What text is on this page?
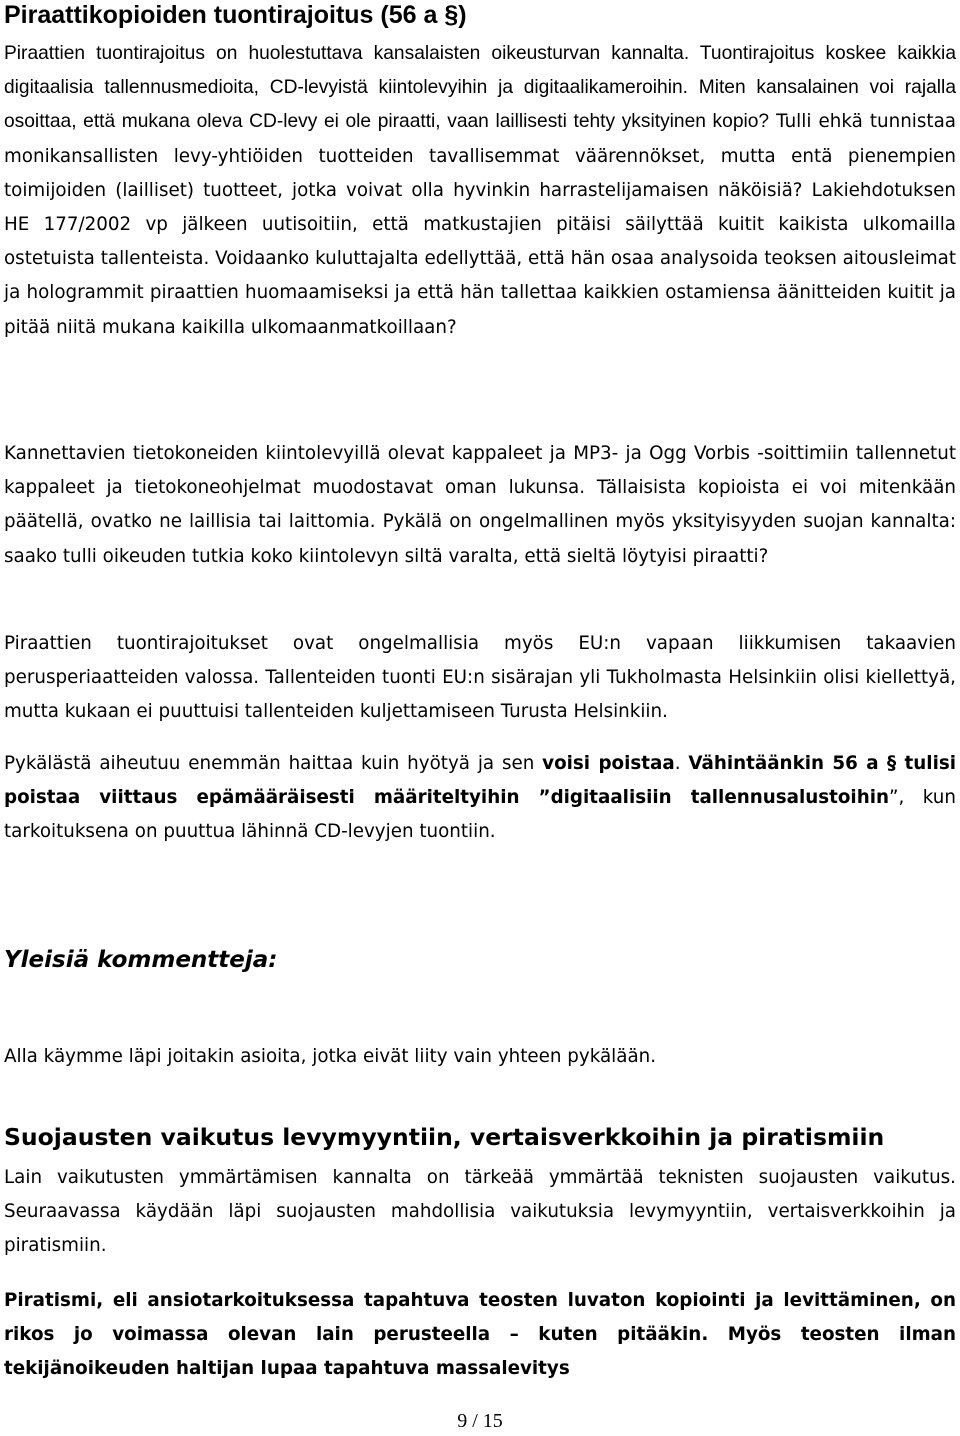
Piraattikopioiden tuontirajoitus (56 a §)

Piraattien tuontirajoitus on huolestuttava kansalaisten oikeusturvan kannalta. Tuontirajoitus koskee kaikkia digitaalisia tallennusmedioita, CD-levyistä kiintolevyihin ja digitaalikameroihin. Miten kansalainen voi rajalla osoittaa, että mukana oleva CD-levy ei ole piraatti, vaan laillisesti tehty yksityinen kopio? Tulli ehkä tunnistaa monikansallisten levy-yhtiöiden tuotteiden tavallisemmat väärennökset, mutta entä pienempien toimijoiden (lailliset) tuotteet, jotka voivat olla hyvinkin harrastelijamaisen näköisiä? Lakiehdotuksen HE 177/2002 vp jälkeen uutisoitiin, että matkustajien pitäisi säilyttää kuitit kaikista ulkomailla ostetuista tallenteista. Voidaanko kuluttajalta edellyttää, että hän osaa analysoida teoksen aitousleimat ja hologrammit piraattien huomaamiseksi ja että hän tallettaa kaikkien ostamiensa äänitteiden kuitit ja pitää niitä mukana kaikilla ulkomaanmatkoillaan?

Kannettavien tietokoneiden kiintolevyillä olevat kappaleet ja MP3- ja Ogg Vorbis -soittimiin tallennetut kappaleet ja tietokoneohjelmat muodostavat oman lukunsa. Tällaisista kopioista ei voi mitenkään päätellä, ovatko ne laillisia tai laittomia. Pykälä on ongelmallinen myös yksityisyyden suojan kannalta: saako tulli oikeuden tutkia koko kiintolevyn siltä varalta, että sieltä löytyisi piraatti?

Piraattien tuontirajoitukset ovat ongelmallisia myös EU:n vapaan liikkumisen takaavien perusperiaatteiden valossa. Tallenteiden tuonti EU:n sisärajan yli Tukholmasta Helsinkiin olisi kiellettyä, mutta kukaan ei puuttuisi tallenteiden kuljettamiseen Turusta Helsinkiin.

Pykälästä aiheutuu enemmän haittaa kuin hyötyä ja sen voisi poistaa. Vähintäänkin 56 a § tulisi poistaa viittaus epämääräisesti määriteltyihin ”digitaalisiin tallennusalustoihin”, kun tarkoituksena on puuttua lähinnä CD-levyjen tuontiin.

Yleisiä kommentteja:

Alla käymme läpi joitakin asioita, jotka eivät liity vain yhteen pykälään.

Suojausten vaikutus levymyyntiin, vertaisverkkoihin ja piratismiin

Lain vaikutusten ymmärtämisen kannalta on tärkeää ymmärtää teknisten suojausten vaikutus. Seuraavassa käydään läpi suojausten mahdollisia vaikutuksia levymyyntiin, vertaisverkkoihin ja piratismiin.

Piratismi, eli ansiotarkoituksessa tapahtuva teosten luvaton kopiointi ja levittäminen, on rikos jo voimassa olevan lain perusteella – kuten pitääkin. Myös teosten ilman tekijänoikeuden haltijan lupaa tapahtuva massalevitys

9 / 15
